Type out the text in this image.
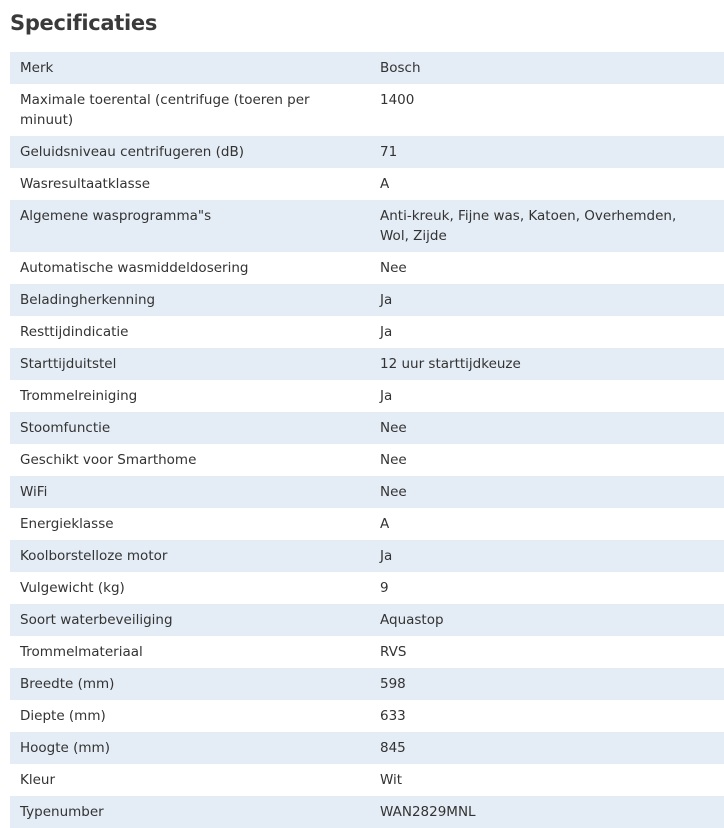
Specificaties
Merk	Bosch
Maximale toerental (centrifuge (toeren per minuut)	1400
Geluidsniveau centrifugeren (dB)	71
Wasresultaatklasse	A
Algemene wasprogramma"s	Anti-kreuk, Fijne was, Katoen, Overhemden, Wol, Zijde
Automatische wasmiddeldosering	Nee
Beladingherkenning	Ja
Resttijdindicatie	Ja
Starttijduitstel	12 uur starttijdkeuze
Trommelreiniging	Ja
Stoomfunctie	Nee
Geschikt voor Smarthome	Nee
WiFi	Nee
Energieklasse	A
Koolborstelloze motor	Ja
Vulgewicht (kg)	9
Soort waterbeveiliging	Aquastop
Trommelmateriaal	RVS
Breedte (mm)	598
Diepte (mm)	633
Hoogte (mm)	845
Kleur	Wit
Typenumber	WAN2829MNL
